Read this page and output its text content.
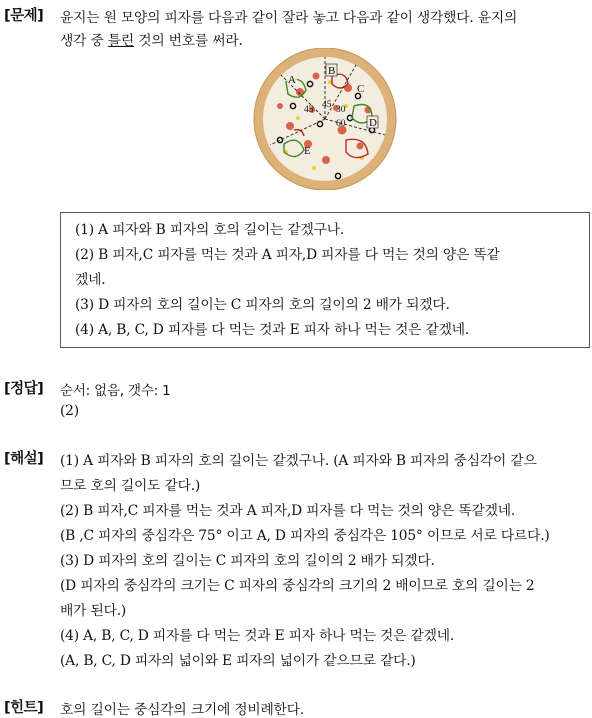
[문제] 윤지는 원 모양의 피자를 다음과 같이 잘라 놓고 다음과 같이 생각했다. 윤지의
생각 중 틀린 것의 번호를 써라.
A
B
C
D
E
45 30
45
60
(1) A 피자와 B 피자의 호의 길이는 같겠구나.
(2) B 피자,C 피자를 먹는 것과 A 피자,D 피자를 다 먹는 것의 양은 똑같
겠네.
(3) D 피자의 호의 길이는 C 피자의 호의 길이의 2 배가 되겠다.
(4) A, B, C, D 피자를 다 먹는 것과 E 피자 하나 먹는 것은 같겠네.
[정답] 순서: 없음, 갯수: 1
(2)
[해설] (1) A 피자와 B 피자의 호의 길이는 같겠구나. (A 피자와 B 피자의 중심각이 같으
므로 호의 길이도 같다.)
(2) B 피자,C 피자를 먹는 것과 A 피자,D 피자를 다 먹는 것의 양은 똑같겠네.
(B ,C 피자의 중심각은 75° 이고 A, D 피자의 중심각은 105° 이므로 서로 다르다.)
(3) D 피자의 호의 길이는 C 피자의 호의 길이의 2 배가 되겠다.
(D 피자의 중심각의 크기는 C 피자의 중심각의 크기의 2 배이므로 호의 길이는 2
배가 된다.)
(4) A, B, C, D 피자를 다 먹는 것과 E 피자 하나 먹는 것은 같겠네.
(A, B, C, D 피자의 넓이와 E 피자의 넓이가 같으므로 같다.)
[힌트] 호의 길이는 중심각의 크기에 정비례한다.
